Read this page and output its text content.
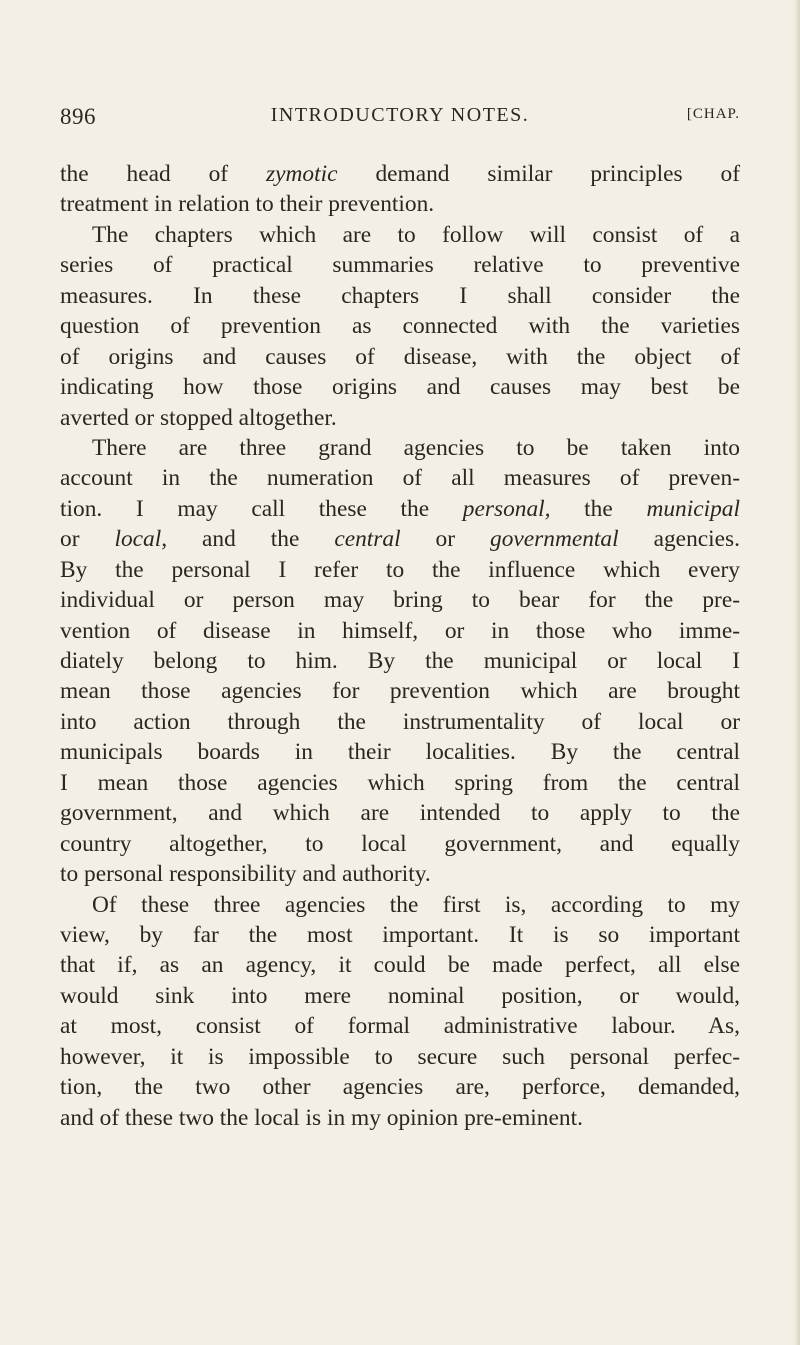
896	INTRODUCTORY NOTES.	[CHAP.
the head of zymotic demand similar principles of
treatment in relation to their prevention.
The chapters which are to follow will consist of a
series of practical summaries relative to preventive
measures. In these chapters I shall consider the
question of prevention as connected with the varieties
of origins and causes of disease, with the object of
indicating how those origins and causes may best be
averted or stopped altogether.
There are three grand agencies to be taken into
account in the numeration of all measures of preven-
tion. I may call these the personal, the municipal
or local, and the central or governmental agencies.
By the personal I refer to the influence which every
individual or person may bring to bear for the pre-
vention of disease in himself, or in those who imme-
diately belong to him. By the municipal or local I
mean those agencies for prevention which are brought
into action through the instrumentality of local or
municipals boards in their localities. By the central
I mean those agencies which spring from the central
government, and which are intended to apply to the
country altogether, to local government, and equally
to personal responsibility and authority.
Of these three agencies the first is, according to my
view, by far the most important. It is so important
that if, as an agency, it could be made perfect, all else
would sink into mere nominal position, or would,
at most, consist of formal administrative labour. As,
however, it is impossible to secure such personal perfec-
tion, the two other agencies are, perforce, demanded,
and of these two the local is in my opinion pre-eminent.
